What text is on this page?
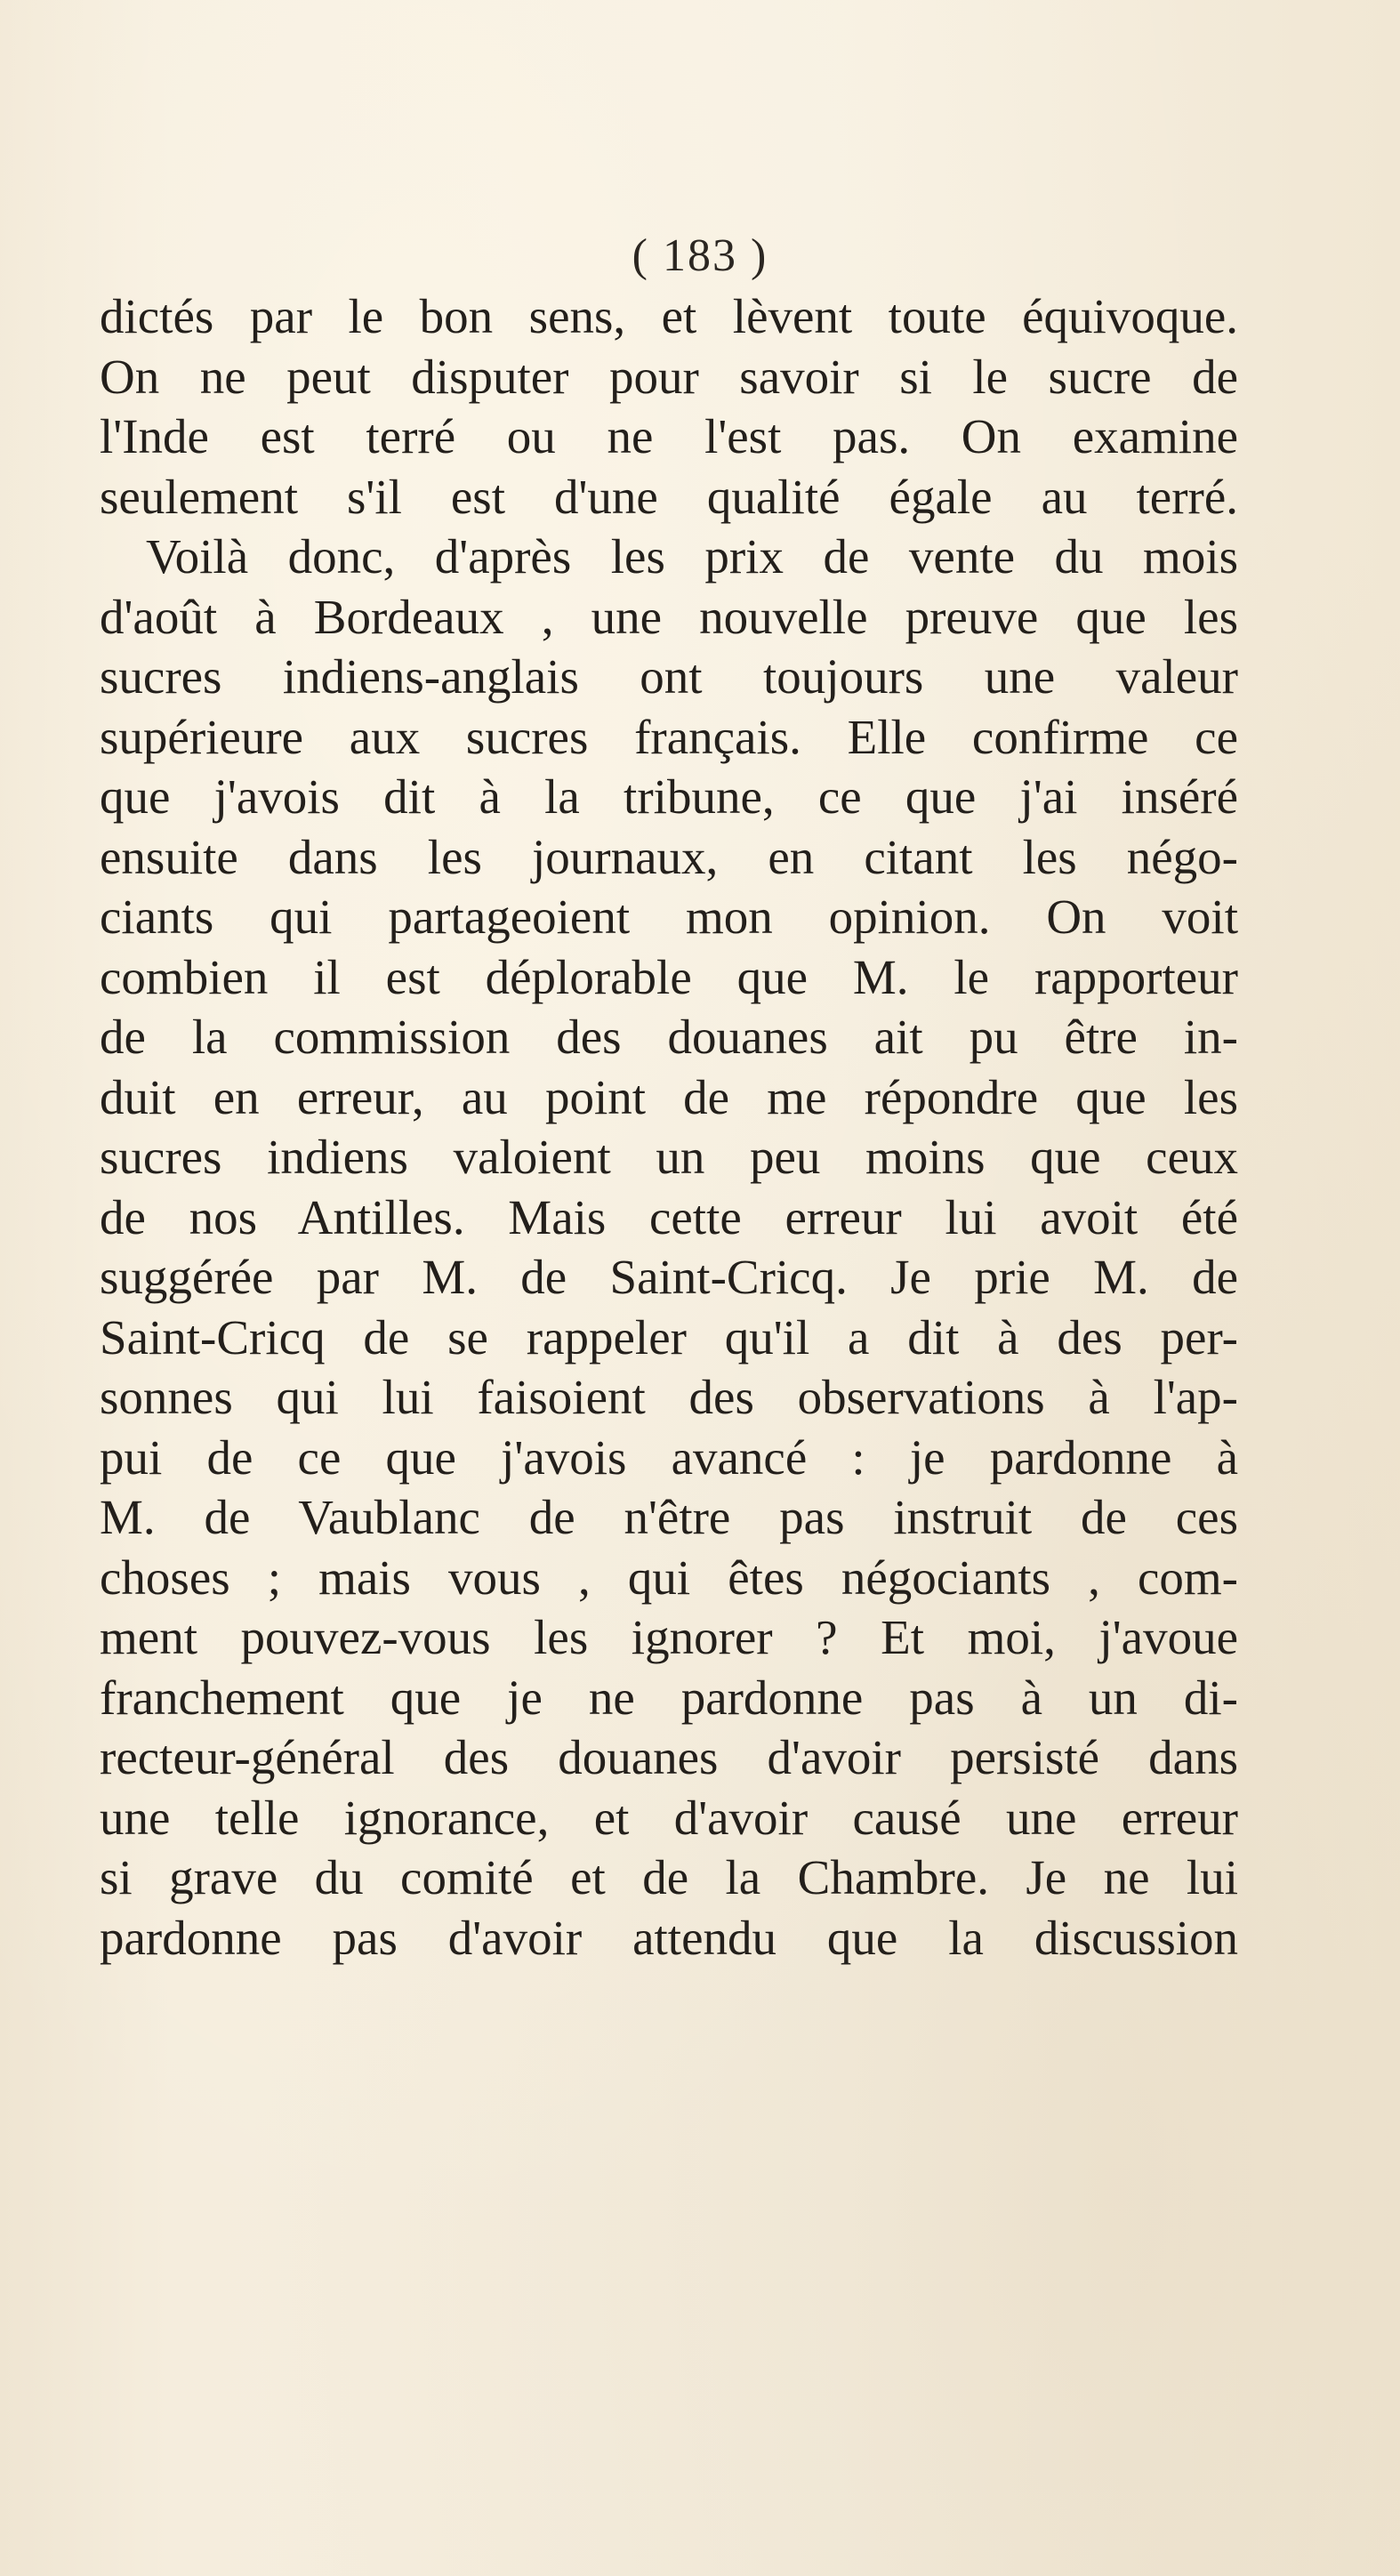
( 183 )

dictés par le bon sens, et lèvent toute équivoque.
On ne peut disputer pour savoir si le sucre de
l'Inde est terré ou ne l'est pas. On examine
seulement s'il est d'une qualité égale au terré.
Voilà donc, d'après les prix de vente du mois
d'août à Bordeaux , une nouvelle preuve que les
sucres indiens-anglais ont toujours une valeur
supérieure aux sucres français. Elle confirme ce
que j'avois dit à la tribune, ce que j'ai inséré
ensuite dans les journaux, en citant les négo-
ciants qui partageoient mon opinion. On voit
combien il est déplorable que M. le rapporteur
de la commission des douanes ait pu être in-
duit en erreur, au point de me répondre que les
sucres indiens valoient un peu moins que ceux
de nos Antilles. Mais cette erreur lui avoit été
suggérée par M. de Saint-Cricq. Je prie M. de
Saint-Cricq de se rappeler qu'il a dit à des per-
sonnes qui lui faisoient des observations à l'ap-
pui de ce que j'avois avancé : je pardonne à
M. de Vaublanc de n'être pas instruit de ces
choses ; mais vous , qui êtes négociants , com-
ment pouvez-vous les ignorer ? Et moi, j'avoue
franchement que je ne pardonne pas à un di-
recteur-général des douanes d'avoir persisté dans
une telle ignorance, et d'avoir causé une erreur
si grave du comité et de la Chambre. Je ne lui
pardonne pas d'avoir attendu que la discussion
